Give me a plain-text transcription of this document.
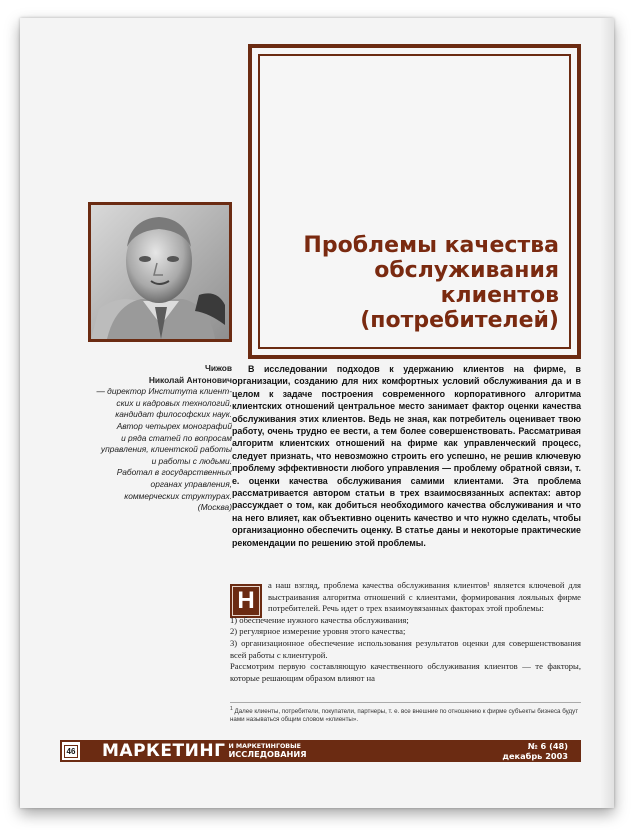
Проблемы качества
обслуживания
клиентов
(потребителей)
Чижов
Николай Антонович
— директор Института клиент-
ских и кадровых технологий,
кандидат философских наук.
Автор четырех монографий
и ряда статей по вопросам
управления, клиентской работы
и работы с людьми.
Работал в государственных
органах управления,
коммерческих структурах.
(Москва)
В исследовании подходов к удержанию клиентов на фирме, в организации, созданию для них комфортных условий обслуживания да и в целом к задаче построения современного корпоративного алгоритма клиентских отношений центральное место занимает фактор оценки качества обслуживания этих клиентов. Ведь не зная, как потребитель оценивает твою работу, очень трудно ее вести, а тем более совершенствовать. Рассматривая алгоритм клиентских отношений на фирме как управленческий процесс, следует признать, что невозможно строить его успешно, не решив ключевую проблему эффективности любого управления — проблему обратной связи, т. е. оценки качества обслуживания самими клиентами. Эта проблема рассматривается автором статьи в трех взаимосвязанных аспектах: автор рассуждает о том, как добиться необходимого качества обслуживания и что на него влияет, как объективно оценить качество и что нужно сделать, чтобы организационно обеспечить оценку. В статье даны и некоторые практические рекомендации по решению этой проблемы.
Н

а наш взгляд, проблема качества обслуживания клиентов¹ является ключевой для выстраивания алгоритма отношений с клиентами, формирования лояльных фирме потребителей. Речь идет о трех взаимоувязанных факторах этой проблемы:

1) обеспечение нужного качества обслуживания;

2) регулярное измерение уровня этого качества;

3) организационное обеспечение использования результатов оценки для совершенствования всей работы с клиентурой.

Рассмотрим первую составляющую качественного обслуживания клиентов — те факторы, которые решающим образом влияют на

$^1$ Далее клиенты, потребители, покупатели, партнеры, т. е. все внешние по отношению к фирме субъекты бизнеса будут нами называться общим словом «клиенты».
46 МАРКЕТИНГ И МАРКЕТИНГОВЫЕ
ИССЛЕДОВАНИЯ
№ 6 (48)
декабрь 2003
